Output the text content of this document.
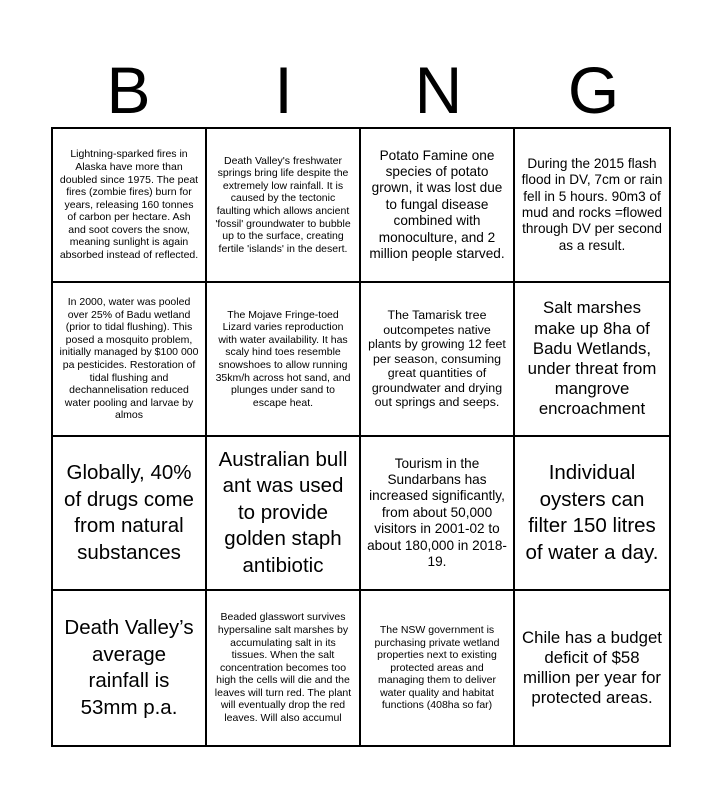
B	I	N	G
Lightning-sparked fires in Alaska have more than doubled since 1975. The peat fires (zombie fires) burn for years, releasing 160 tonnes of carbon per hectare. Ash and soot covers the snow, meaning sunlight is again absorbed instead of reflected.
Death Valley's freshwater springs bring life despite the extremely low rainfall. It is caused by the tectonic faulting which allows ancient 'fossil' groundwater to bubble up to the surface, creating fertile 'islands' in the desert.
Potato Famine one species of potato grown, it was lost due to fungal disease combined with monoculture, and 2 million people starved.
During the 2015 flash flood in DV, 7cm or rain fell in 5 hours. 90m3 of mud and rocks =flowed through DV per second as a result.
In 2000, water was pooled over 25% of Badu wetland (prior to tidal flushing). This posed a mosquito problem, initially managed by $100 000 pa pesticides. Restoration of tidal flushing and dechannelisation reduced water pooling and larvae by almos
The Mojave Fringe-toed Lizard varies reproduction with water availability. It has scaly hind toes resemble snowshoes to allow running 35km/h across hot sand, and plunges under sand to escape heat.
The Tamarisk tree outcompetes native plants by growing 12 feet per season, consuming great quantities of groundwater and drying out springs and seeps.
Salt marshes make up 8ha of Badu Wetlands, under threat from mangrove encroachment
Globally, 40% of drugs come from natural substances
Australian bull ant was used to provide golden staph antibiotic
Tourism in the Sundarbans has increased significantly, from about 50,000 visitors in 2001-02 to about 180,000 in 2018-19.
Individual oysters can filter 150 litres of water a day.
Death Valley’s average rainfall is 53mm p.a.
Beaded glasswort survives hypersaline salt marshes by accumulating salt in its tissues. When the salt concentration becomes too high the cells will die and the leaves will turn red. The plant will eventually drop the red leaves. Will also accumul
The NSW government is purchasing private wetland properties next to existing protected areas and managing them to deliver water quality and habitat functions (408ha so far)
Chile has a budget deficit of $58 million per year for protected areas.
